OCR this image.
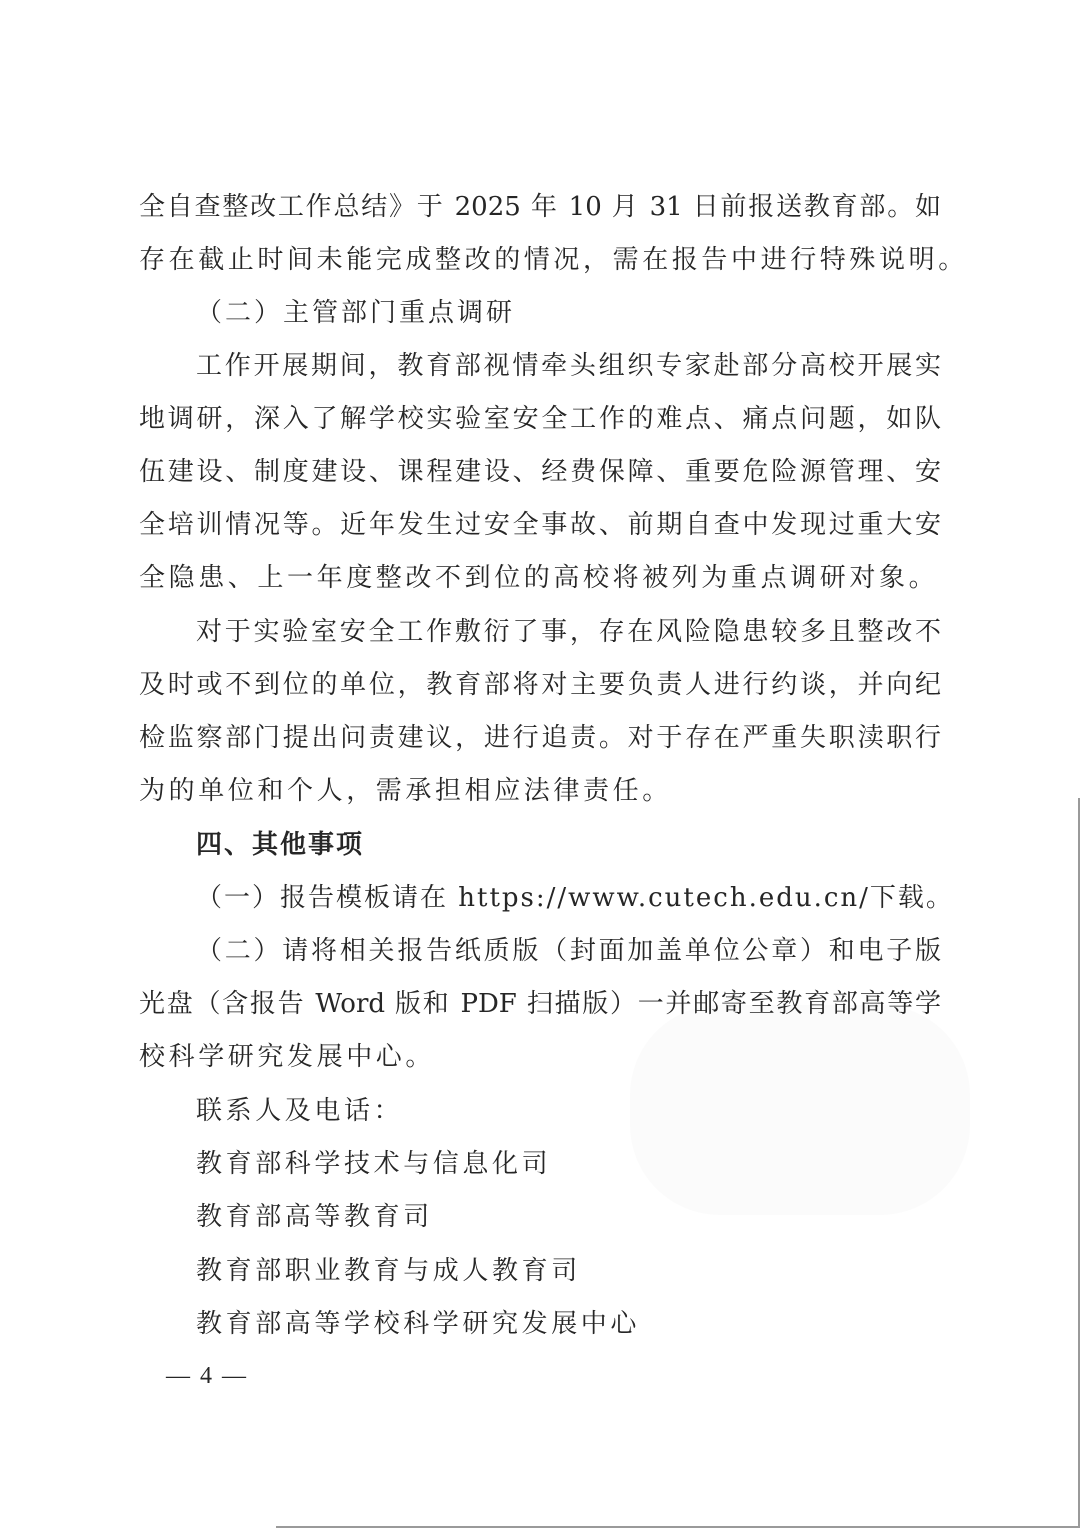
全自查整改工作总结》于 2025 年 10 月 31 日前报送教育部。如
存在截止时间未能完成整改的情况，需在报告中进行特殊说明。
（二）主管部门重点调研
工作开展期间，教育部视情牵头组织专家赴部分高校开展实
地调研，深入了解学校实验室安全工作的难点、痛点问题，如队
伍建设、制度建设、课程建设、经费保障、重要危险源管理、安
全培训情况等。近年发生过安全事故、前期自查中发现过重大安
全隐患、上一年度整改不到位的高校将被列为重点调研对象。
对于实验室安全工作敷衍了事，存在风险隐患较多且整改不
及时或不到位的单位，教育部将对主要负责人进行约谈，并向纪
检监察部门提出问责建议，进行追责。对于存在严重失职渎职行
为的单位和个人，需承担相应法律责任。
四、其他事项
（一）报告模板请在 https://www.cutech.edu.cn/下载。
（二）请将相关报告纸质版（封面加盖单位公章）和电子版
光盘（含报告 Word 版和 PDF 扫描版）一并邮寄至教育部高等学
校科学研究发展中心。
联系人及电话：
教育部科学技术与信息化司
教育部高等教育司
教育部职业教育与成人教育司
教育部高等学校科学研究发展中心
— 4 —
